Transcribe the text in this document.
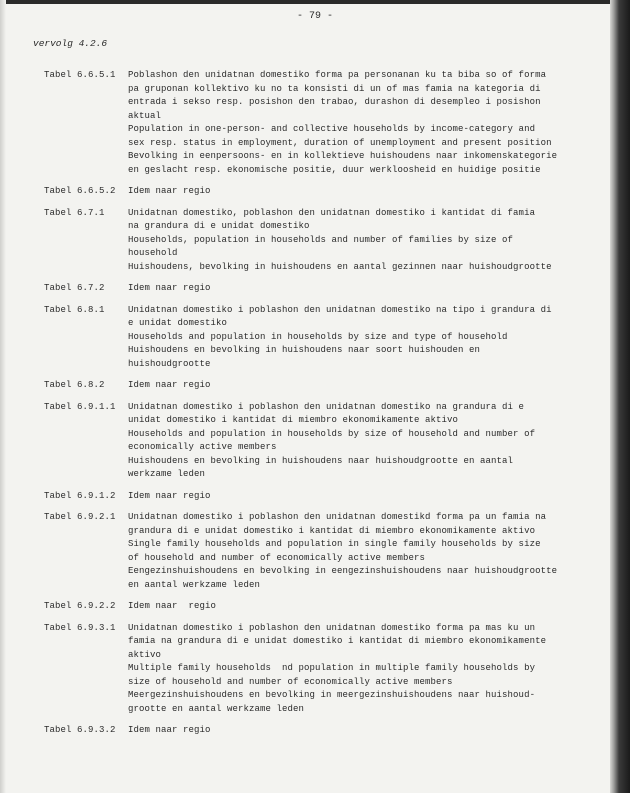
- 79 -
vervolg 4.2.6
Tabel 6.6.5.1	Poblashon den unidatnan domestiko forma pa personanan ku ta biba so of forma
pa gruponan kollektivo ku no ta konsisti di un of mas famia na kategoria di
entrada i sekso resp. posishon den trabao, durashon di desempleo i posishon
aktual
Population in one-person- and collective households by income-category and
sex resp. status in employment, duration of unemployment and present position
Bevolking in eenpersoons- en in kollektieve huishoudens naar inkomenskategorie
en geslacht resp. ekonomische positie, duur werkloosheid en huidige positie
Tabel 6.6.5.2	Idem naar regio
Tabel 6.7.1	Unidatnan domestiko, poblashon den unidatnan domestiko i kantidat di famia
na grandura di e unidat domestiko
Households, population in households and number of families by size of
household
Huishoudens, bevolking in huishoudens en aantal gezinnen naar huishoudgrootte
Tabel 6.7.2	Idem naar regio
Tabel 6.8.1	Unidatnan domestiko i poblashon den unidatnan domestiko na tipo i grandura di
e unidat domestiko
Households and population in households by size and type of household
Huishoudens en bevolking in huishoudens naar soort huishouden en
huishoudgrootte
Tabel 6.8.2	Idem naar regio
Tabel 6.9.1.1	Unidatnan domestiko i poblashon den unidatnan domestiko na grandura di e
unidat domestiko i kantidat di miembro ekonomikamente aktivo
Households and population in households by size of household and number of
economically active members
Huishoudens en bevolking in huishoudens naar huishoudgrootte en aantal
werkzame leden
Tabel 6.9.1.2	Idem naar regio
Tabel 6.9.2.1	Unidatnan domestiko i poblashon den unidatnan domestikd forma pa un famia na
grandura di e unidat domestiko i kantidat di miembro ekonomikamente aktivo
Single family households and population in single family households by size
of household and number of economically active members
Eengezinshuishoudens en bevolking in eengezinshuishoudens naar huishoudgrootte
en aantal werkzame leden
Tabel 6.9.2.2	Idem naar  regio
Tabel 6.9.3.1	Unidatnan domestiko i poblashon den unidatnan domestiko forma pa mas ku un
famia na grandura di e unidat domestiko i kantidat di miembro ekonomikamente
aktivo
Multiple family households  nd population in multiple family households by
size of household and number of economically active members
Meergezinshuishoudens en bevolking in meergezinshuishoudens naar huishoud-
grootte en aantal werkzame leden
Tabel 6.9.3.2	Idem naar regio
